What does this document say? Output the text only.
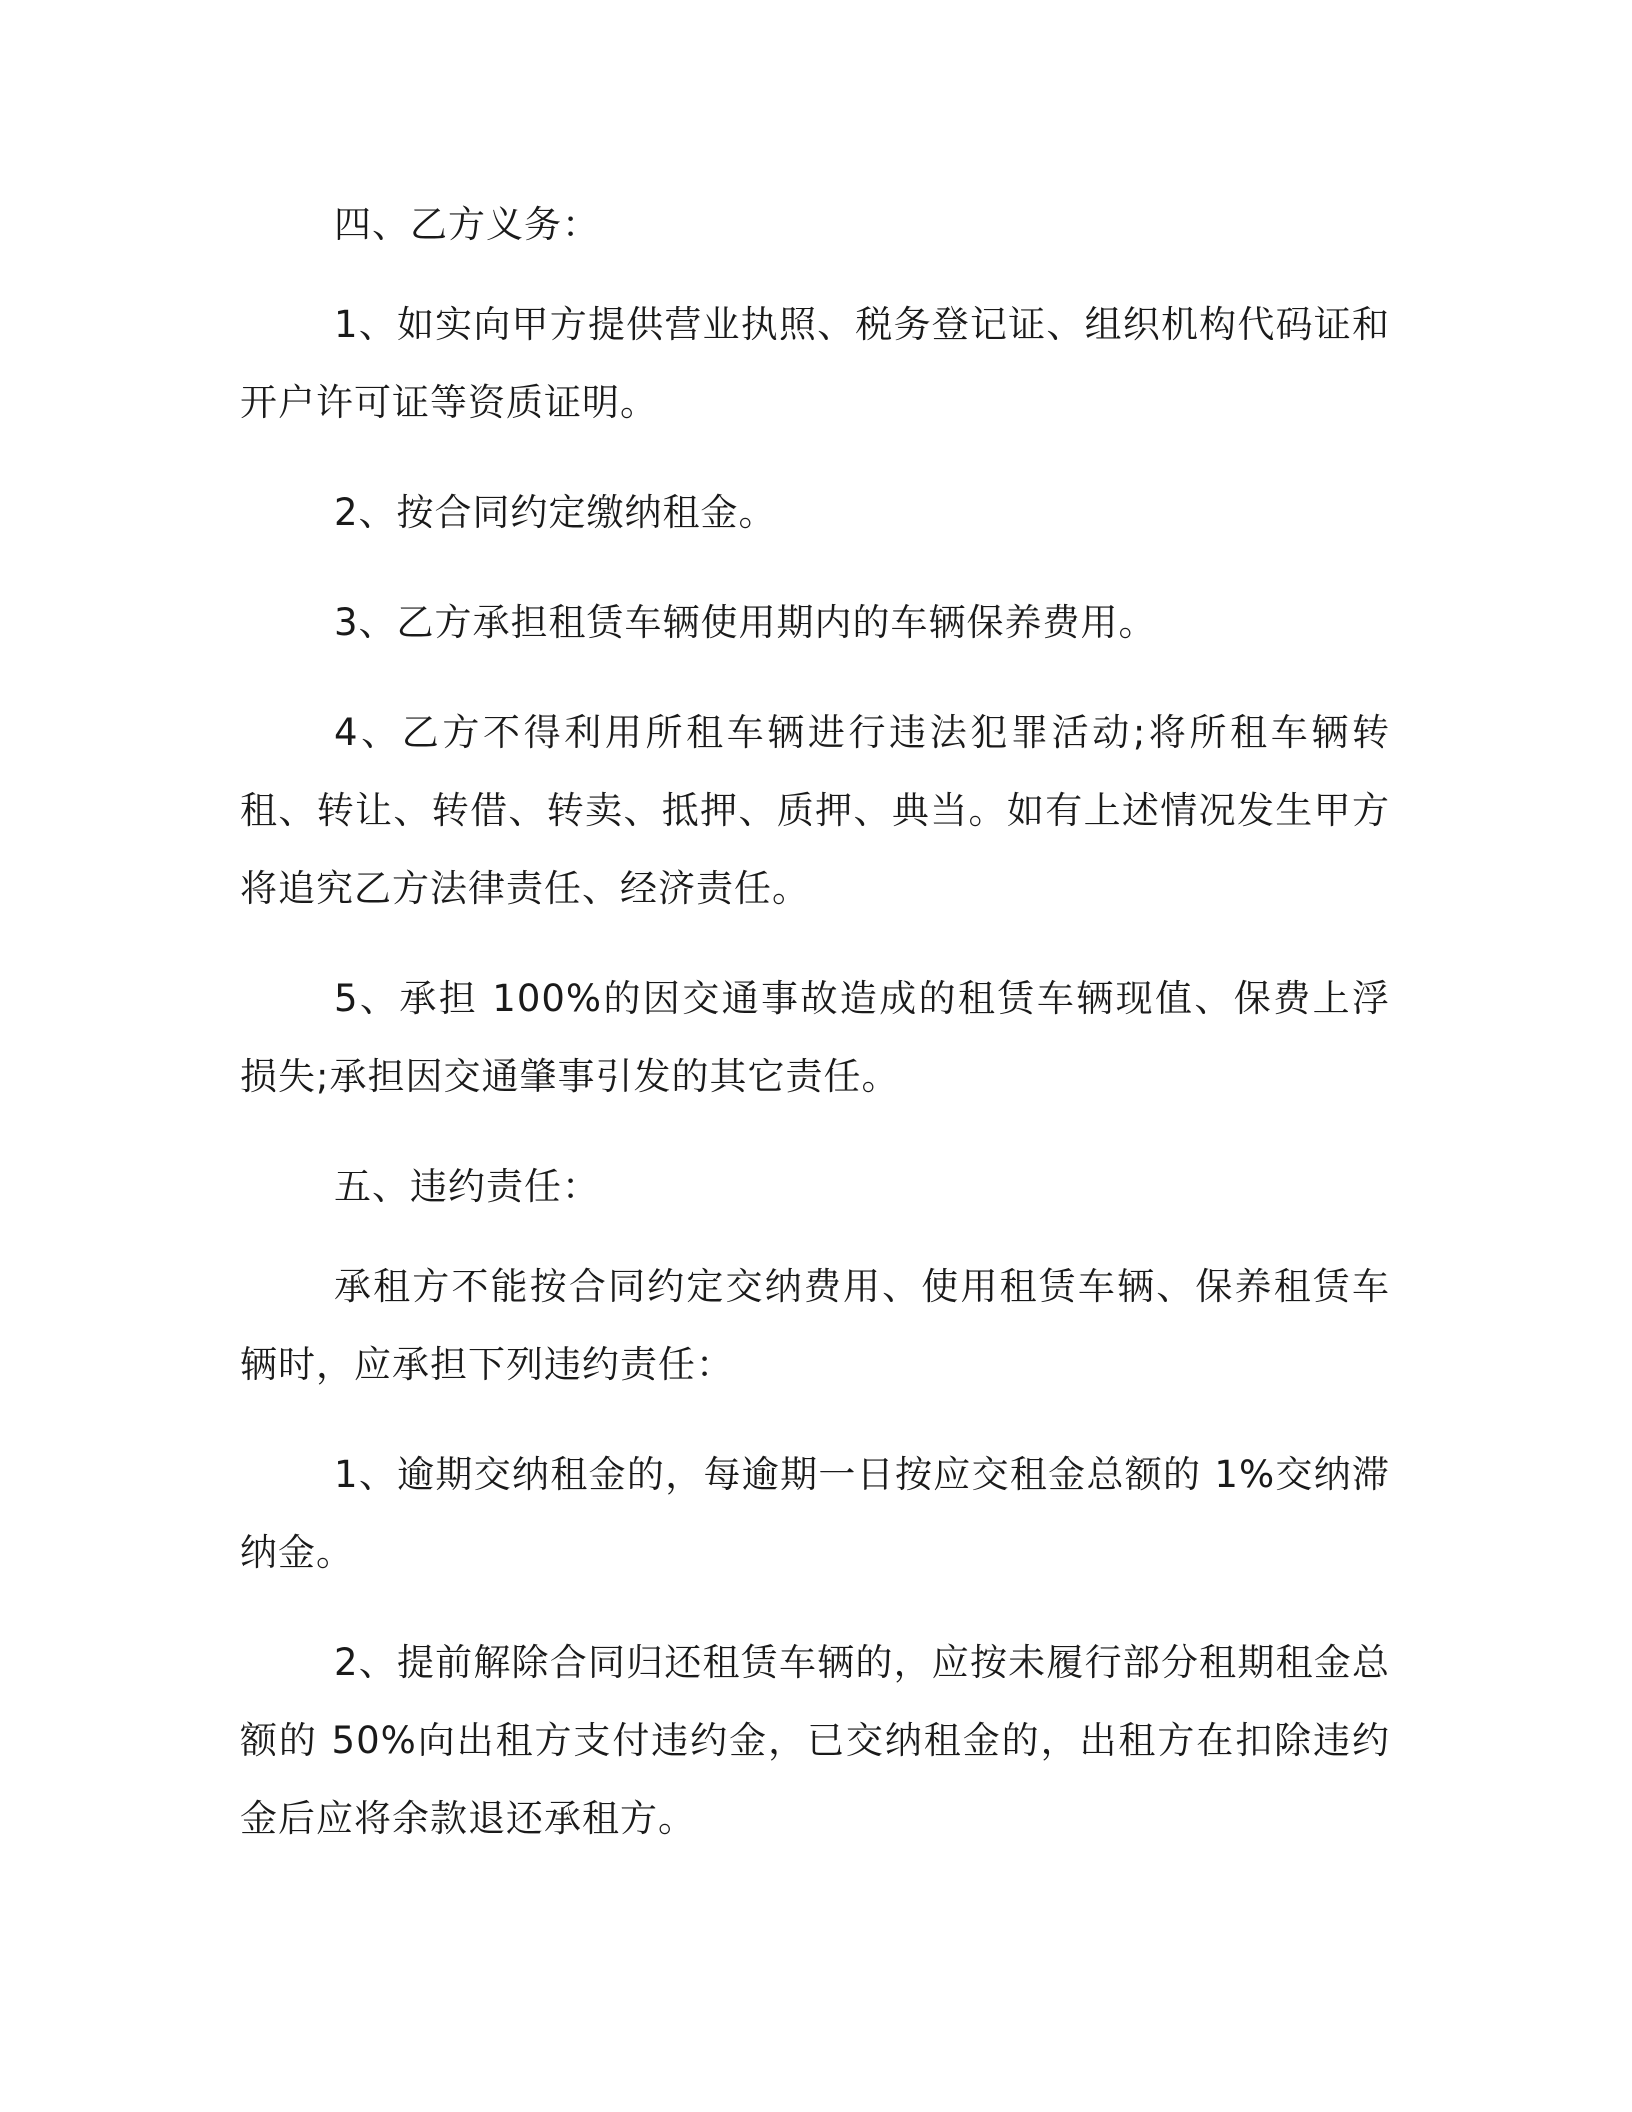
四、乙方义务：

1、如实向甲方提供营业执照、税务登记证、组织机构代码证和开户许可证等资质证明。

2、按合同约定缴纳租金。

3、乙方承担租赁车辆使用期内的车辆保养费用。

4、乙方不得利用所租车辆进行违法犯罪活动;将所租车辆转租、转让、转借、转卖、抵押、质押、典当。如有上述情况发生甲方将追究乙方法律责任、经济责任。

5、承担 100%的因交通事故造成的租赁车辆现值、保费上浮损失;承担因交通肇事引发的其它责任。

五、违约责任：

承租方不能按合同约定交纳费用、使用租赁车辆、保养租赁车辆时，应承担下列违约责任：

1、逾期交纳租金的，每逾期一日按应交租金总额的 1%交纳滞纳金。

2、提前解除合同归还租赁车辆的，应按未履行部分租期租金总额的 50%向出租方支付违约金，已交纳租金的，出租方在扣除违约金后应将余款退还承租方。
